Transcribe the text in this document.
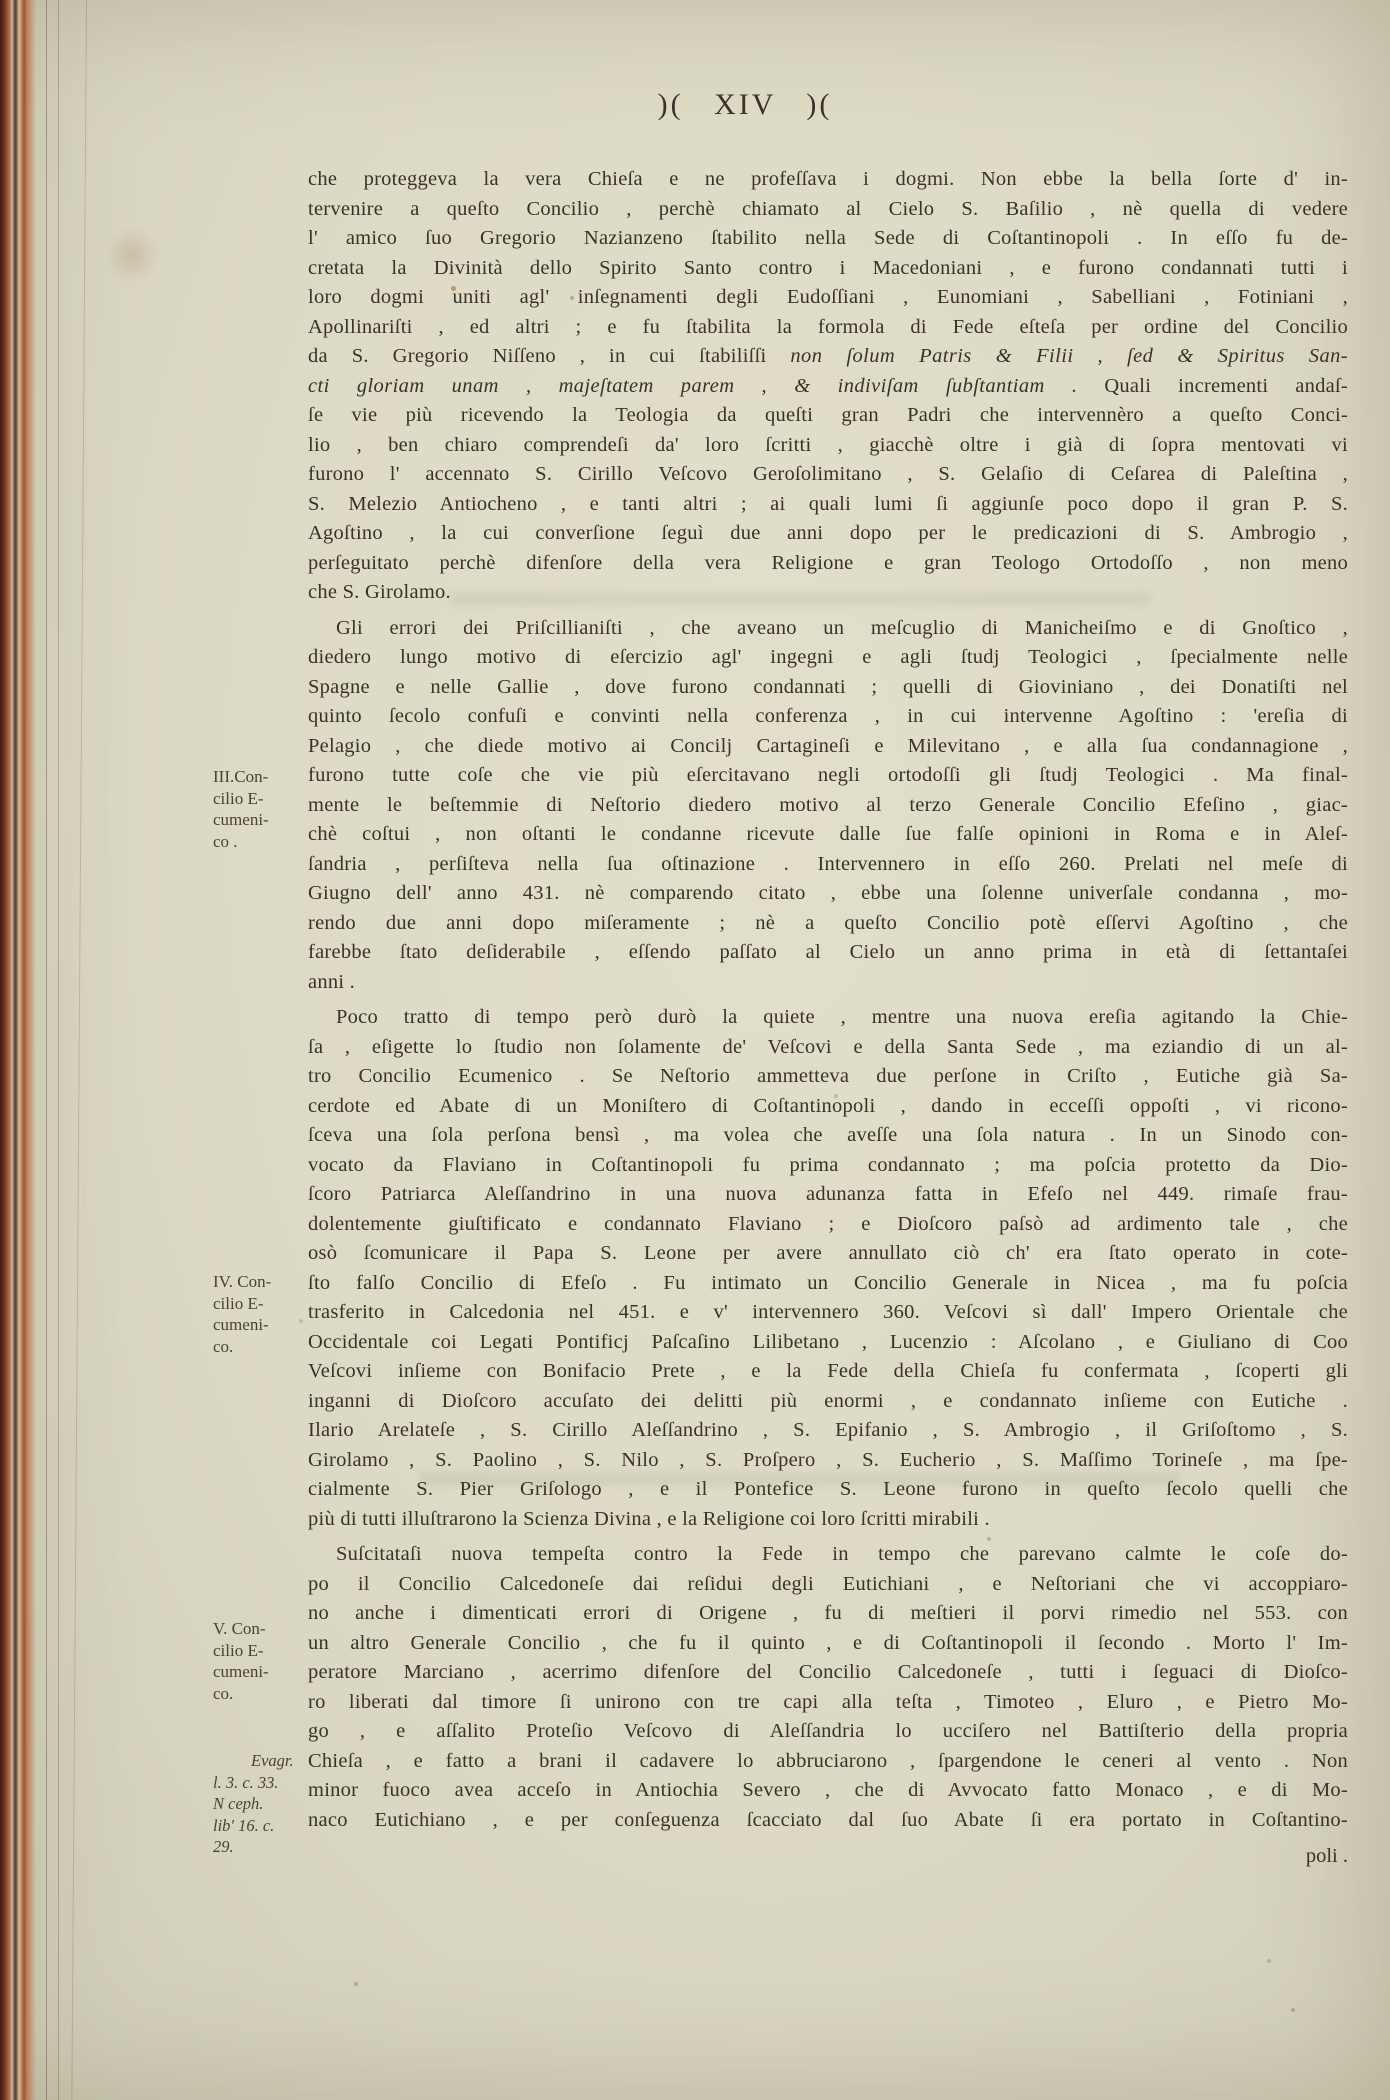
)( XIV )(
che proteggeva la vera Chieſa e ne profeſſava i dogmi. Non ebbe la bella ſorte d' in-
tervenire a queſto Concilio , perchè chiamato al Cielo S. Baſilio , nè quella di vedere
l' amico ſuo Gregorio Nazianzeno ſtabilito nella Sede di Coſtantinopoli . In eſſo fu de-
cretata la Divinità dello Spirito Santo contro i Macedoniani , e furono condannati tutti i
loro dogmi uniti agl' inſegnamenti degli Eudoſſiani , Eunomiani , Sabelliani , Fotiniani ,
Apollinariſti , ed altri ; e fu ſtabilita la formola di Fede eſteſa per ordine del Concilio
da S. Gregorio Niſſeno , in cui ſtabiliſſi non ſolum Patris & Filii , ſed & Spiritus San-
cti gloriam unam , majeſtatem parem , & indiviſam ſubſtantiam . Quali incrementi andaſ-
ſe vie più ricevendo la Teologia da queſti gran Padri che intervennèro a queſto Conci-
lio , ben chiaro comprendeſi da' loro ſcritti , giacchè oltre i già di ſopra mentovati vi
furono l' accennato S. Cirillo Veſcovo Geroſolimitano , S. Gelaſio di Ceſarea di Paleſtina ,
S. Melezio Antiocheno , e tanti altri ; ai quali lumi ſi aggiunſe poco dopo il gran P. S.
Agoſtino , la cui converſione ſeguì due anni dopo per le predicazioni di S. Ambrogio ,
perſeguitato perchè difenſore della vera Religione e gran Teologo Ortodoſſo , non meno
che S. Girolamo.
Gli errori dei Priſcillianiſti , che aveano un meſcuglio di Manicheiſmo e di Gnoſtico ,
diedero lungo motivo di eſercizio agl' ingegni e agli ſtudj Teologici , ſpecialmente nelle
Spagne e nelle Gallie , dove furono condannati ; quelli di Gioviniano , dei Donatiſti nel
quinto ſecolo confuſi e convinti nella conferenza , in cui intervenne Agoſtino : 'ereſia di
Pelagio , che diede motivo ai Concilj Cartagineſi e Milevitano , e alla ſua condannagione ,
furono tutte coſe che vie più eſercitavano negli ortodoſſi gli ſtudj Teologici . Ma final-
mente le beſtemmie di Neſtorio diedero motivo al terzo Generale Concilio Efeſino , giac-
chè coſtui , non oſtanti le condanne ricevute dalle ſue falſe opinioni in Roma e in Aleſ-
ſandria , perſiſteva nella ſua oſtinazione . Intervennero in eſſo 260. Prelati nel meſe di
Giugno dell' anno 431. nè comparendo citato , ebbe una ſolenne univerſale condanna , mo-
rendo due anni dopo miſeramente ; nè a queſto Concilio potè eſſervi Agoſtino , che
farebbe ſtato deſiderabile , eſſendo paſſato al Cielo un anno prima in età di ſettantaſei
anni .
Poco tratto di tempo però durò la quiete , mentre una nuova ereſia agitando la Chie-
ſa , eſigette lo ſtudio non ſolamente de' Veſcovi e della Santa Sede , ma eziandio di un al-
tro Concilio Ecumenico . Se Neſtorio ammetteva due perſone in Criſto , Eutiche già Sa-
cerdote ed Abate di un Moniſtero di Coſtantinopoli , dando in ecceſſi oppoſti , vi ricono-
ſceva una ſola perſona bensì , ma volea che aveſſe una ſola natura . In un Sinodo con-
vocato da Flaviano in Coſtantinopoli fu prima condannato ; ma poſcia protetto da Dio-
ſcoro Patriarca Aleſſandrino in una nuova adunanza fatta in Efeſo nel 449. rimaſe frau-
dolentemente giuſtificato e condannato Flaviano ; e Dioſcoro paſsò ad ardimento tale , che
osò ſcomunicare il Papa S. Leone per avere annullato ciò ch' era ſtato operato in cote-
ſto falſo Concilio di Efeſo . Fu intimato un Concilio Generale in Nicea , ma fu poſcia
trasferito in Calcedonia nel 451. e v' intervennero 360. Veſcovi sì dall' Impero Orientale che
Occidentale coi Legati Pontificj Paſcaſino Lilibetano , Lucenzio : Aſcolano , e Giuliano di Coo
Veſcovi inſieme con Bonifacio Prete , e la Fede della Chieſa fu confermata , ſcoperti gli
inganni di Dioſcoro accuſato dei delitti più enormi , e condannato inſieme con Eutiche .
Ilario Arelateſe , S. Cirillo Aleſſandrino , S. Epifanio , S. Ambrogio , il Griſoſtomo , S.
Girolamo , S. Paolino , S. Nilo , S. Proſpero , S. Eucherio , S. Maſſimo Torineſe , ma ſpe-
cialmente S. Pier Griſologo , e il Pontefice S. Leone furono in queſto ſecolo quelli che
più di tutti illuſtrarono la Scienza Divina , e la Religione coi loro ſcritti mirabili .
Suſcitataſi nuova tempeſta contro la Fede in tempo che parevano calmte le coſe do-
po il Concilio Calcedoneſe dai reſidui degli Eutichiani , e Neſtoriani che vi accoppiaro-
no anche i dimenticati errori di Origene , fu di meſtieri il porvi rimedio nel 553. con
un altro Generale Concilio , che fu il quinto , e di Coſtantinopoli il ſecondo . Morto l' Im-
peratore Marciano , acerrimo difenſore del Concilio Calcedoneſe , tutti i ſeguaci di Dioſco-
ro liberati dal timore ſi unirono con tre capi alla teſta , Timoteo , Eluro , e Pietro Mo-
go , e aſſalito Proteſio Veſcovo di Aleſſandria lo ucciſero nel Battiſterio della propria
Chieſa , e fatto a brani il cadavere lo abbruciarono , ſpargendone le ceneri al vento . Non
minor fuoco avea acceſo in Antiochia Severo , che di Avvocato fatto Monaco , e di Mo-
naco Eutichiano , e per conſeguenza ſcacciato dal ſuo Abate ſi era portato in Coſtantino-
III.Con-
cilio E-
cumeni-
co .
IV. Con-
cilio E-
cumeni-
co.
V. Con-
cilio E-
cumeni-
co.
Evagr.
l. 3. c. 33.
N ceph.
lib' 16. c.
29.	poli .
